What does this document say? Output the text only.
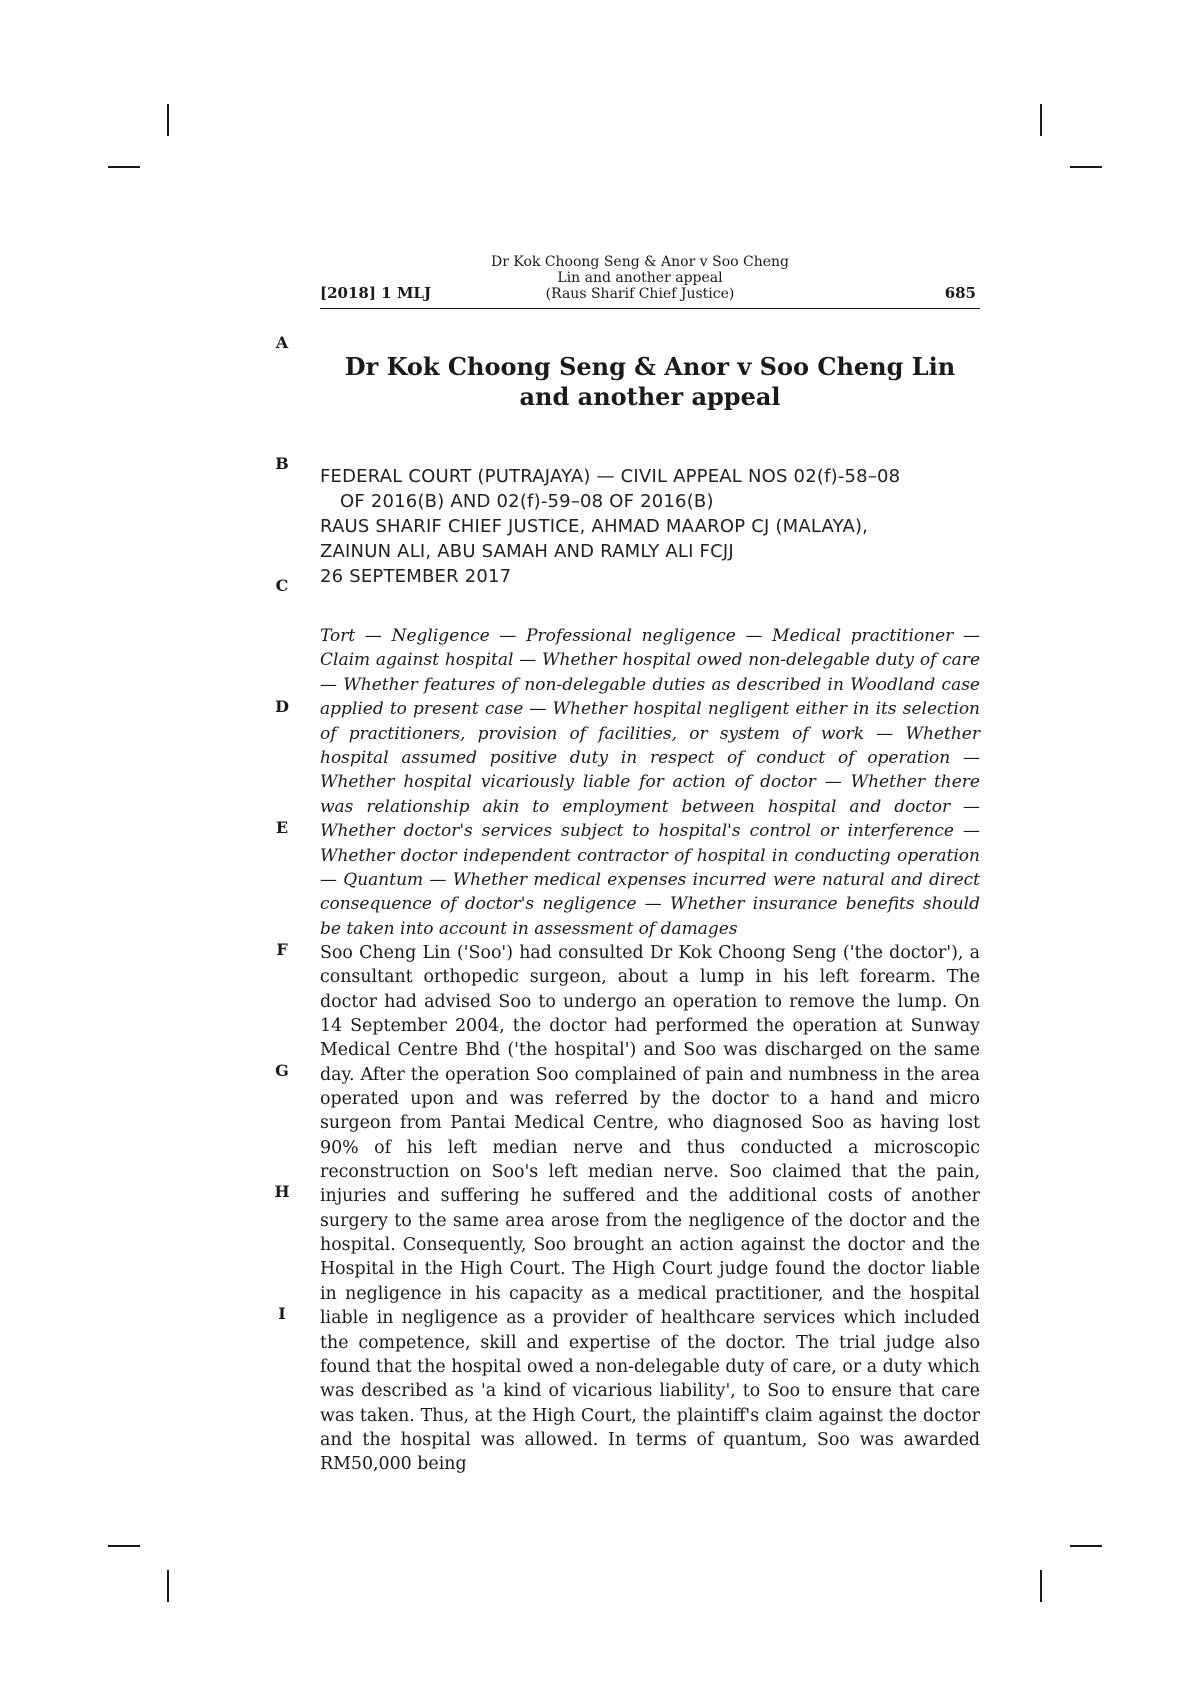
[2018] 1 MLJ
Dr Kok Choong Seng & Anor v Soo Cheng Lin and another appeal
(Raus Sharif Chief Justice)	685
A
B
C
D
E
F
G
H
I
Dr Kok Choong Seng & Anor v Soo Cheng Lin and another appeal
FEDERAL COURT (PUTRAJAYA) — CIVIL APPEAL NOS 02(f)-58–08
OF 2016(B) AND 02(f)-59–08 OF 2016(B)
RAUS SHARIF CHIEF JUSTICE, AHMAD MAAROP CJ (MALAYA),
ZAINUN ALI, ABU SAMAH AND RAMLY ALI FCJJ
26 SEPTEMBER 2017
Tort — Negligence — Professional negligence — Medical practitioner — Claim against hospital — Whether hospital owed non-delegable duty of care — Whether features of non-delegable duties as described in Woodland case applied to present case — Whether hospital negligent either in its selection of practitioners, provision of facilities, or system of work — Whether hospital assumed positive duty in respect of conduct of operation — Whether hospital vicariously liable for action of doctor — Whether there was relationship akin to employment between hospital and doctor — Whether doctor's services subject to hospital's control or interference — Whether doctor independent contractor of hospital in conducting operation — Quantum — Whether medical expenses incurred were natural and direct consequence of doctor's negligence — Whether insurance benefits should be taken into account in assessment of damages
Soo Cheng Lin ('Soo') had consulted Dr Kok Choong Seng ('the doctor'), a consultant orthopedic surgeon, about a lump in his left forearm. The doctor had advised Soo to undergo an operation to remove the lump. On 14 September 2004, the doctor had performed the operation at Sunway Medical Centre Bhd ('the hospital') and Soo was discharged on the same day. After the operation Soo complained of pain and numbness in the area operated upon and was referred by the doctor to a hand and micro surgeon from Pantai Medical Centre, who diagnosed Soo as having lost 90% of his left median nerve and thus conducted a microscopic reconstruction on Soo's left median nerve. Soo claimed that the pain, injuries and suffering he suffered and the additional costs of another surgery to the same area arose from the negligence of the doctor and the hospital. Consequently, Soo brought an action against the doctor and the Hospital in the High Court. The High Court judge found the doctor liable in negligence in his capacity as a medical practitioner, and the hospital liable in negligence as a provider of healthcare services which included the competence, skill and expertise of the doctor. The trial judge also found that the hospital owed a non-delegable duty of care, or a duty which was described as 'a kind of vicarious liability', to Soo to ensure that care was taken. Thus, at the High Court, the plaintiff's claim against the doctor and the hospital was allowed. In terms of quantum, Soo was awarded RM50,000 being
